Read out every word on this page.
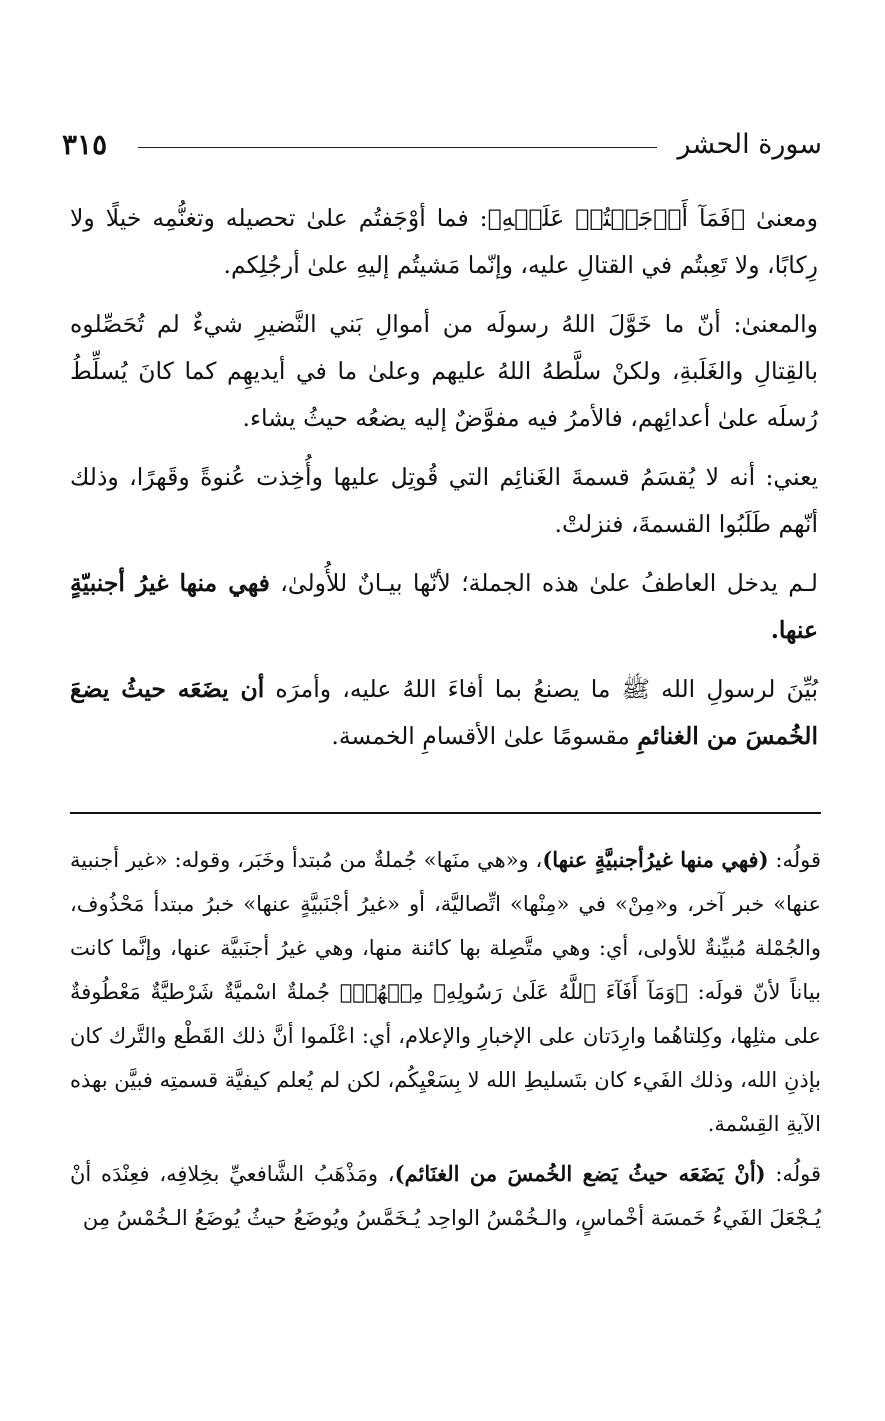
سورة الحشر
٣١٥

ومعنىٰ ﴿فَمَآ أَوۡجَفۡتُمۡ عَلَيۡهِ﴾: فما أوْجَفتُم علىٰ تحصيله وتغنُّمِه خيلًا ولا رِكابًا، ولا تَعِبتُم في القتالِ عليه، وإنّما مَشيتُم إليهِ علىٰ أرجُلِكم.

والمعنىٰ: أنّ ما خَوَّلَ اللهُ رسولَه من أموالِ بَني النَّضيرِ شيءٌ لم تُحَصِّلوه بالقِتالِ والغَلَبةِ، ولكنْ سلَّطهُ اللهُ عليهم وعلىٰ ما في أيديهِم كما كانَ يُسلِّطُ رُسلَه علىٰ أعدائِهم، فالأمرُ فيه مفوَّضٌ إليه يضعُه حيثُ يشاء.

يعني: أنه لا يُقسَمُ قسمةَ الغَنائِم التي قُوتِل عليها وأُخِذت عُنوةً وقَهرًا، وذلك أنّهم طَلَبُوا القسمةَ، فنزلتْ.

لـم يدخل العاطفُ علىٰ هذه الجملة؛ لأنّها بيـانٌ للأُولىٰ، فهي منها غيرُ أجنبيّةٍ عنها.

بُيِّنَ لرسولِ الله ﷺ ما يصنعُ بما أفاءَ اللهُ عليه، وأمرَه أن يضَعَه حيثُ يضعَ الخُمسَ من الغنائمِ مقسومًا علىٰ الأقسامِ الخمسة.

قولُه: (فهي منها غيرُأجنبيَّةٍ عنها)، و«هي منَها» جُملةٌ من مُبتدأ وخَبَر، وقوله: «غير أجنبية عنها» خبر آخر، و«مِنْ» في «مِنْها» اتِّصاليَّة، أو «غيرُ أجْنَبيَّةٍ عنها» خبرُ مبتدأ مَحْذُوف، والجُمْلة مُبيِّنةٌ للأولى، أي: وهي متَّصِلة بها كائنة منها، وهي غيرُ أجنَبيَّة عنها، وإنَّما كانت بياناً لأنّ قولَه: ﴿وَمَآ أَفَآءَ ٱللَّهُ عَلَىٰ رَسُولِهِۦ مِنۡهُمۡ﴾ جُملةٌ اسْميَّةٌ شَرْطيَّةٌ مَعْطُوفةٌ على مثلِها، وكِلتاهُما وارِدَتان على الإخبارِ والإعلام، أي: اعْلَموا أنَّ ذلك القَطْع والتَّرك كان بإذنِ الله، وذلك الفَيء كان بتَسليطِ الله لا بِسَعْيِكُم، لكن لم يُعلم كيفيَّة قسمتِه فبيَّن بهذه الآيةِ القِسْمة.

قولُه: (أنْ يَضَعَه حيثُ يَضع الخُمسَ من الغنَائم)، ومَذْهَبُ الشَّافعيِّ بخِلافِه، فعِنْدَه أنْ يُـجْعَلَ الفَيءُ خَمسَة أخْماسٍ، والـخُمْسُ الواحِد يُـخَمَّسُ ويُوضَعُ حيثُ يُوضَعُ الـخُمْسُ مِن
